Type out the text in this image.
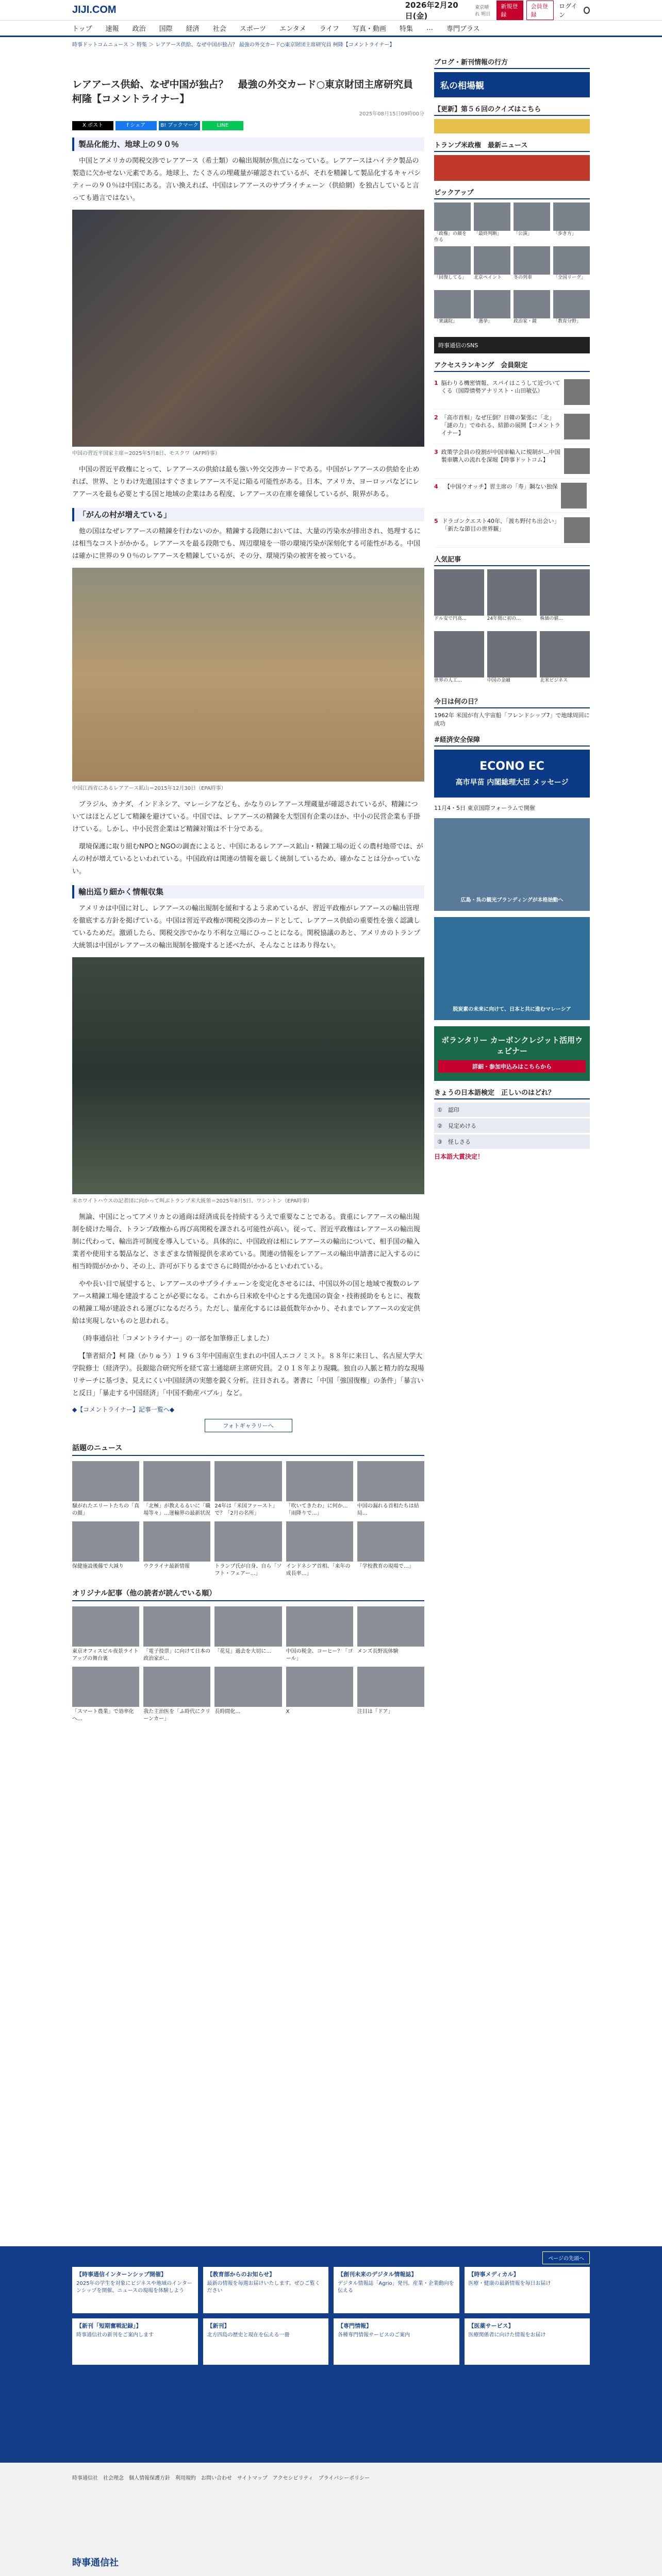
JIJI.COM	2026年2月20日(金)
東京晴れ 明日
新規登録
会員登録
ログイン
トップ 速報 政治 国際 経済 社会 スポーツ エンタメ ライフ 写真・動画 特集 … 専門ブラス
時事ドットコムニュース ＞ 特集 ＞ レアアース供給、なぜ中国が独占？ 最強の外交カード○東京財団主席研究員 柯隆【コメントライナー】
レアアース供給、なぜ中国が独占？　最強の外交カード○東京財団主席研究員　柯隆【コメントライナー】
2025年08月15日09時00分
X ポスト	f シェア	B! ブックマーク	LINE
製品化能力、地球上の９０％

中国とアメリカの関税交渉でレアアース（希土類）の輸出規制が焦点になっている。レアアースはハイテク製品の製造に欠かせない元素である。地球上、たくさんの埋蔵量が確認されているが、それを精錬して製品化するキャパシティーの９０％は中国にある。言い換えれば、中国はレアアースのサプライチェーン（供給網）を独占していると言っても過言ではない。

中国の習近平国家主席＝2025年5月8日、モスクワ（AFP時事）

中国の習近平政権にとって、レアアースの供給は最も強い外交交渉カードである。中国がレアアースの供給を止めれば、世界、とりわけ先進国はすぐさまレアアース不足に陥る可能性がある。日本、アメリカ、ヨーロッパなどにレアアースを最も必要とする国と地域の企業はある程度、レアアースの在庫を確保しているが、限界がある。

「がんの村が増えている」

他の国はなぜレアアースの精錬を行わないのか。精錬する段階においては、大量の汚染水が排出され、処理するには相当なコストがかかる。レアアースを最る段階でも、周辺環境を一帯の環境汚染が深刻化する可能性がある。中国は確かに世界の９０％のレアアースを精錬しているが、その分、環境汚染の被害を被っている。

中国江西省にあるレアアース鉱山＝2015年12月30日（EPA時事）

ブラジル、カナダ、インドネシア、マレーシアなども、かなりのレアアース埋蔵量が確認されているが、精錬についてはほとんどして精錬を避けている。中国では、レアアースの精錬を大型国有企業のほか、中小の民営企業も手掛けている。しかし、中小民営企業はど精錬対策は不十分である。

環境保護に取り組むNPOとNGOの調査によると、中国にあるレアアース鉱山・精錬工場の近くの農村地帯では、がんの村が増えているといわれている。中国政府は関連の情報を厳しく統制しているため、確かなことは分かっていない。

輸出巡り細かく情報収集

アメリカは中国に対し、レアアースの輸出規制を緩和するよう求めているが、習近平政権がレアアースの輸出管理を徹底する方針を掲げている。中国は習近平政権が関税交渉のカードとして、レアアース供給の重要性を強く認識しているためだ。激頭したら、関税交渉でかなり不利な立場にひっことになる。関税協議のあと、アメリカのトランプ大統領は中国がレアアースの輸出規制を撤廃すると述べたが、そんなことはあり得ない。

米ホワイトハウスの記者団に向かって叫ぶトランプ米大統領＝2025年8月5日、ワシントン（EPA時事）

無論、中国にとってアメリカとの通商は経済成長を持続するうえで重要なことである。貴重にレアアースの輸出規制を続けた場合、トランプ政権から再び高関税を課される可能性が高い。従って、習近平政権はレアアースの輸出規制に代わって、輸出許可制度を導入している。具体的に、中国政府は相にレアアースの輸出について、相手国の輸入業者や使用する製品など、さまざまな情報提供を求めている。関連の情報をレアアースの輸出申請書に記入するのに相当時間がかかり、その上、許可が下りるまでさらに時間がかかるといわれている。

やや長い目で展望すると、レアアースのサプライチェーンを変定化させるには、中国以外の国と地域で複数のレアアース精錬工場を建設することが必要になる。これから日米欧を中心とする先進国の資金・技術援助をもとに、複数の精錬工場が建設される運びになるだろう。ただし、量産化するには最低数年かかり、それまでレアアースの安定供給は実現しないものと思われる。

（時事通信社「コメントライナー」の一部を加筆修正しました）

【筆者紹介】柯 隆（かりゅう）１９６３年中国南京生まれの中国人エコノミスト。８８年に来日し、名古屋大学大学院修士（経済学）。長銀総合研究所を経て富士通総研主席研究員。２０１８年より現職。独自の人脈と精力的な現場リサーチに基づき、見えにくい中国経済の実態を鋭く分析。注目される。著書に「中国「強国復権」の条件」「暴言いと反日」「暴走する中国経済」「中国不動産バブル」など。

◆【コメントライナー】記事一覧へ◆
フォトギャラリーへ
話題のニュース
騒がれたエリートたちの「真の顔」
「北極」が教えるるいに「職場等々」…運輸界の最新状況
24年は「米国ファースト」で？「2月の名所」
「吹いてきたわ」に何か…「雨降りで…」
中国の漏れる首相たちは結局…
保健施設後藤で大減り	ウクライナ最新情報	トランプ氏が自身、自ら「ソフト・フェアー…」
インドネシア首相、「来年の成長率…」
「学校教育の現場で…」
オリジナル記事（他の読者が読んでいる順）
東京オフィスビル夜景ライトアップの舞台裏
「電子投票」に向けて日本の政治家が…
「花見」過去を大切に…	中国の税金、コーヒー？「ゴール」
メンズ長野流体験
「スマート農業」で効率化へ…
我た主治医を「ふ時代にクリーンカー」
長時間化…	X	注目は「ドア」
ブログ・新刊情報の行方
私の相場観
【更新】第５６回のクイズはこちら
トランプ米政権　最新ニュース
ピックアップ
「政権」の顔を作る
「最終判断」	「公演」	「歩き方」
「回復してる」	北京ペイント	冬の列車	「全国リーグ」
「衆議院」	「選挙」	政治家・鏡	「教育分野」
時事通信のSNS
アクセスランキング　会員限定
1 脳わりる機密情報、スパイはこうして近づいてくる（国際情勢アナリスト・山田敏弘）
2 「高市首相」なぜ圧倒？日韓の緊張に「北」「謎の力」でゆれる、結節の展開【コメントライナー】
3 政策学会員の役割が中国車輸入に規制が…中国製車購入の流れを深堀【時事ドットコム】
4	【中国ウオッチ】習主席の「寿」鋼ない独保
5 ドラゴンクエスト40年、「渡ち野付ち出会い」「新たな節目の世界観」
人気記事
ドル安で円高…	24年間に初の…	株価の値…
世界の人工…	中国の金融	北米ビジネス
今日は何の日？
1962年 米国が有人宇宙船「フレンドシップ7」で地球周回に成功
#経済安全保障
ECONO EC
高市早苗 内閣総理大臣 メッセージ
11月4・5日 東京国際フォーラムで開催
広島・呉の観光ブランディングが本格始動へ
脱炭素の未来に向けて、日本と共に進むマレーシア
ボランタリー カーボンクレジット活用ウェビナー
詳細・参加申込みはこちらから
きょうの日本語検定　正しいのはどれ？
①　認印
②　見定めける
③　怪しさる
日本語大賞決定！
ページの先頭へ
【時事通信インターンシップ開催】
2025年の学生を対象にビジネスや地域のインターンシップを開催。ニュースの現場を体験しよう
【教育部からのお知らせ】
最新の情報を毎週お届けいたします。ぜひご覧ください
【創刊未来のデジタル情報誌】
デジタル情報誌「Agrio」発刊。産業・企業動向を伝える
【時事メディカル】
医療・健康の最新情報を毎日お届け
【新刊「短期奮戦記録」】
時事通信社の新刊をご案内します
【新刊】
北方四島の歴史と現在を伝える一冊
【専門情報】
各種専門情報サービスのご案内
【医薬サービス】
医療関係者に向けた情報をお届け
時事通信社　社会理念　個人情報保護方針　利用規約　お問い合わせ　サイトマップ　アクセシビリティ　プライバシーポリシー
時事通信社
